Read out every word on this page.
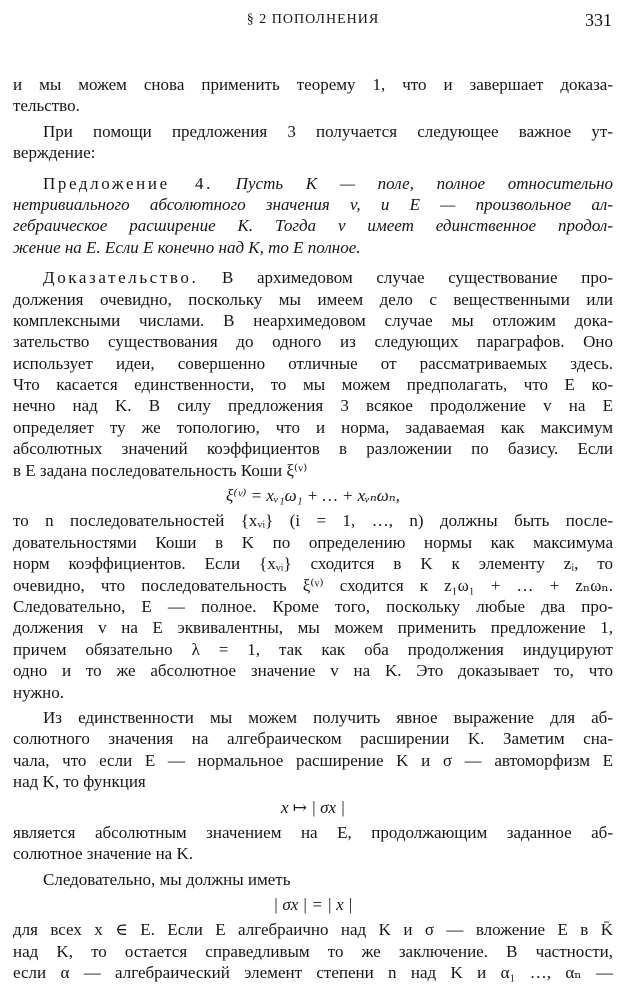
§ 2 ПОПОЛНЕНИЯ	331
и мы можем снова применить теорему 1, что и завершает доказа-
тельство.
При помощи предложения 3 получается следующее важное ут-
верждение:
Предложение 4. Пусть K — поле, полное относительно
нетривиального абсолютного значения v, и E — произвольное ал-
гебраическое расширение K. Тогда v имеет единственное продол-
жение на E. Если E конечно над K, то E полное.
Доказательство. В архимедовом случае существование про-
должения очевидно, поскольку мы имеем дело с вещественными или
комплексными числами. В неархимедовом случае мы отложим дока-
зательство существования до одного из следующих параграфов. Оно
использует идеи, совершенно отличные от рассматриваемых здесь.
Что касается единственности, то мы можем предполагать, что E ко-
нечно над K. В силу предложения 3 всякое продолжение v на E
определяет ту же топологию, что и норма, задаваемая как максимум
абсолютных значений коэффициентов в разложении по базису. Если
в E задана последовательность Коши ξ⁽ᵛ⁾
ξ⁽ᵛ⁾ = xᵥ₁ω₁ + … + xᵥₙωₙ,
то n последовательностей {xᵥᵢ} (i = 1, …, n) должны быть после-
довательностями Коши в K по определению нормы как максимума
норм коэффициентов. Если {xᵥᵢ} сходится в K к элементу zᵢ, то
очевидно, что последовательность ξ⁽ᵛ⁾ сходится к z₁ω₁ + … + zₙωₙ.
Следовательно, E — полное. Кроме того, поскольку любые два про-
должения v на E эквивалентны, мы можем применить предложение 1,
причем обязательно λ = 1, так как оба продолжения индуцируют
одно и то же абсолютное значение v на K. Это доказывает то, что
нужно.
Из единственности мы можем получить явное выражение для аб-
солютного значения на алгебраическом расширении K. Заметим сна-
чала, что если E — нормальное расширение K и σ — автоморфизм E
над K, то функция
x ↦ | σx |
является абсолютным значением на E, продолжающим заданное аб-
солютное значение на K.
Следовательно, мы должны иметь
| σx | = | x |
для всех x ∈ E. Если E алгебраично над K и σ — вложение E в K̄
над K, то остается справедливым то же заключение. В частности,
если α — алгебраический элемент степени n над K и α₁ …, αₙ —
